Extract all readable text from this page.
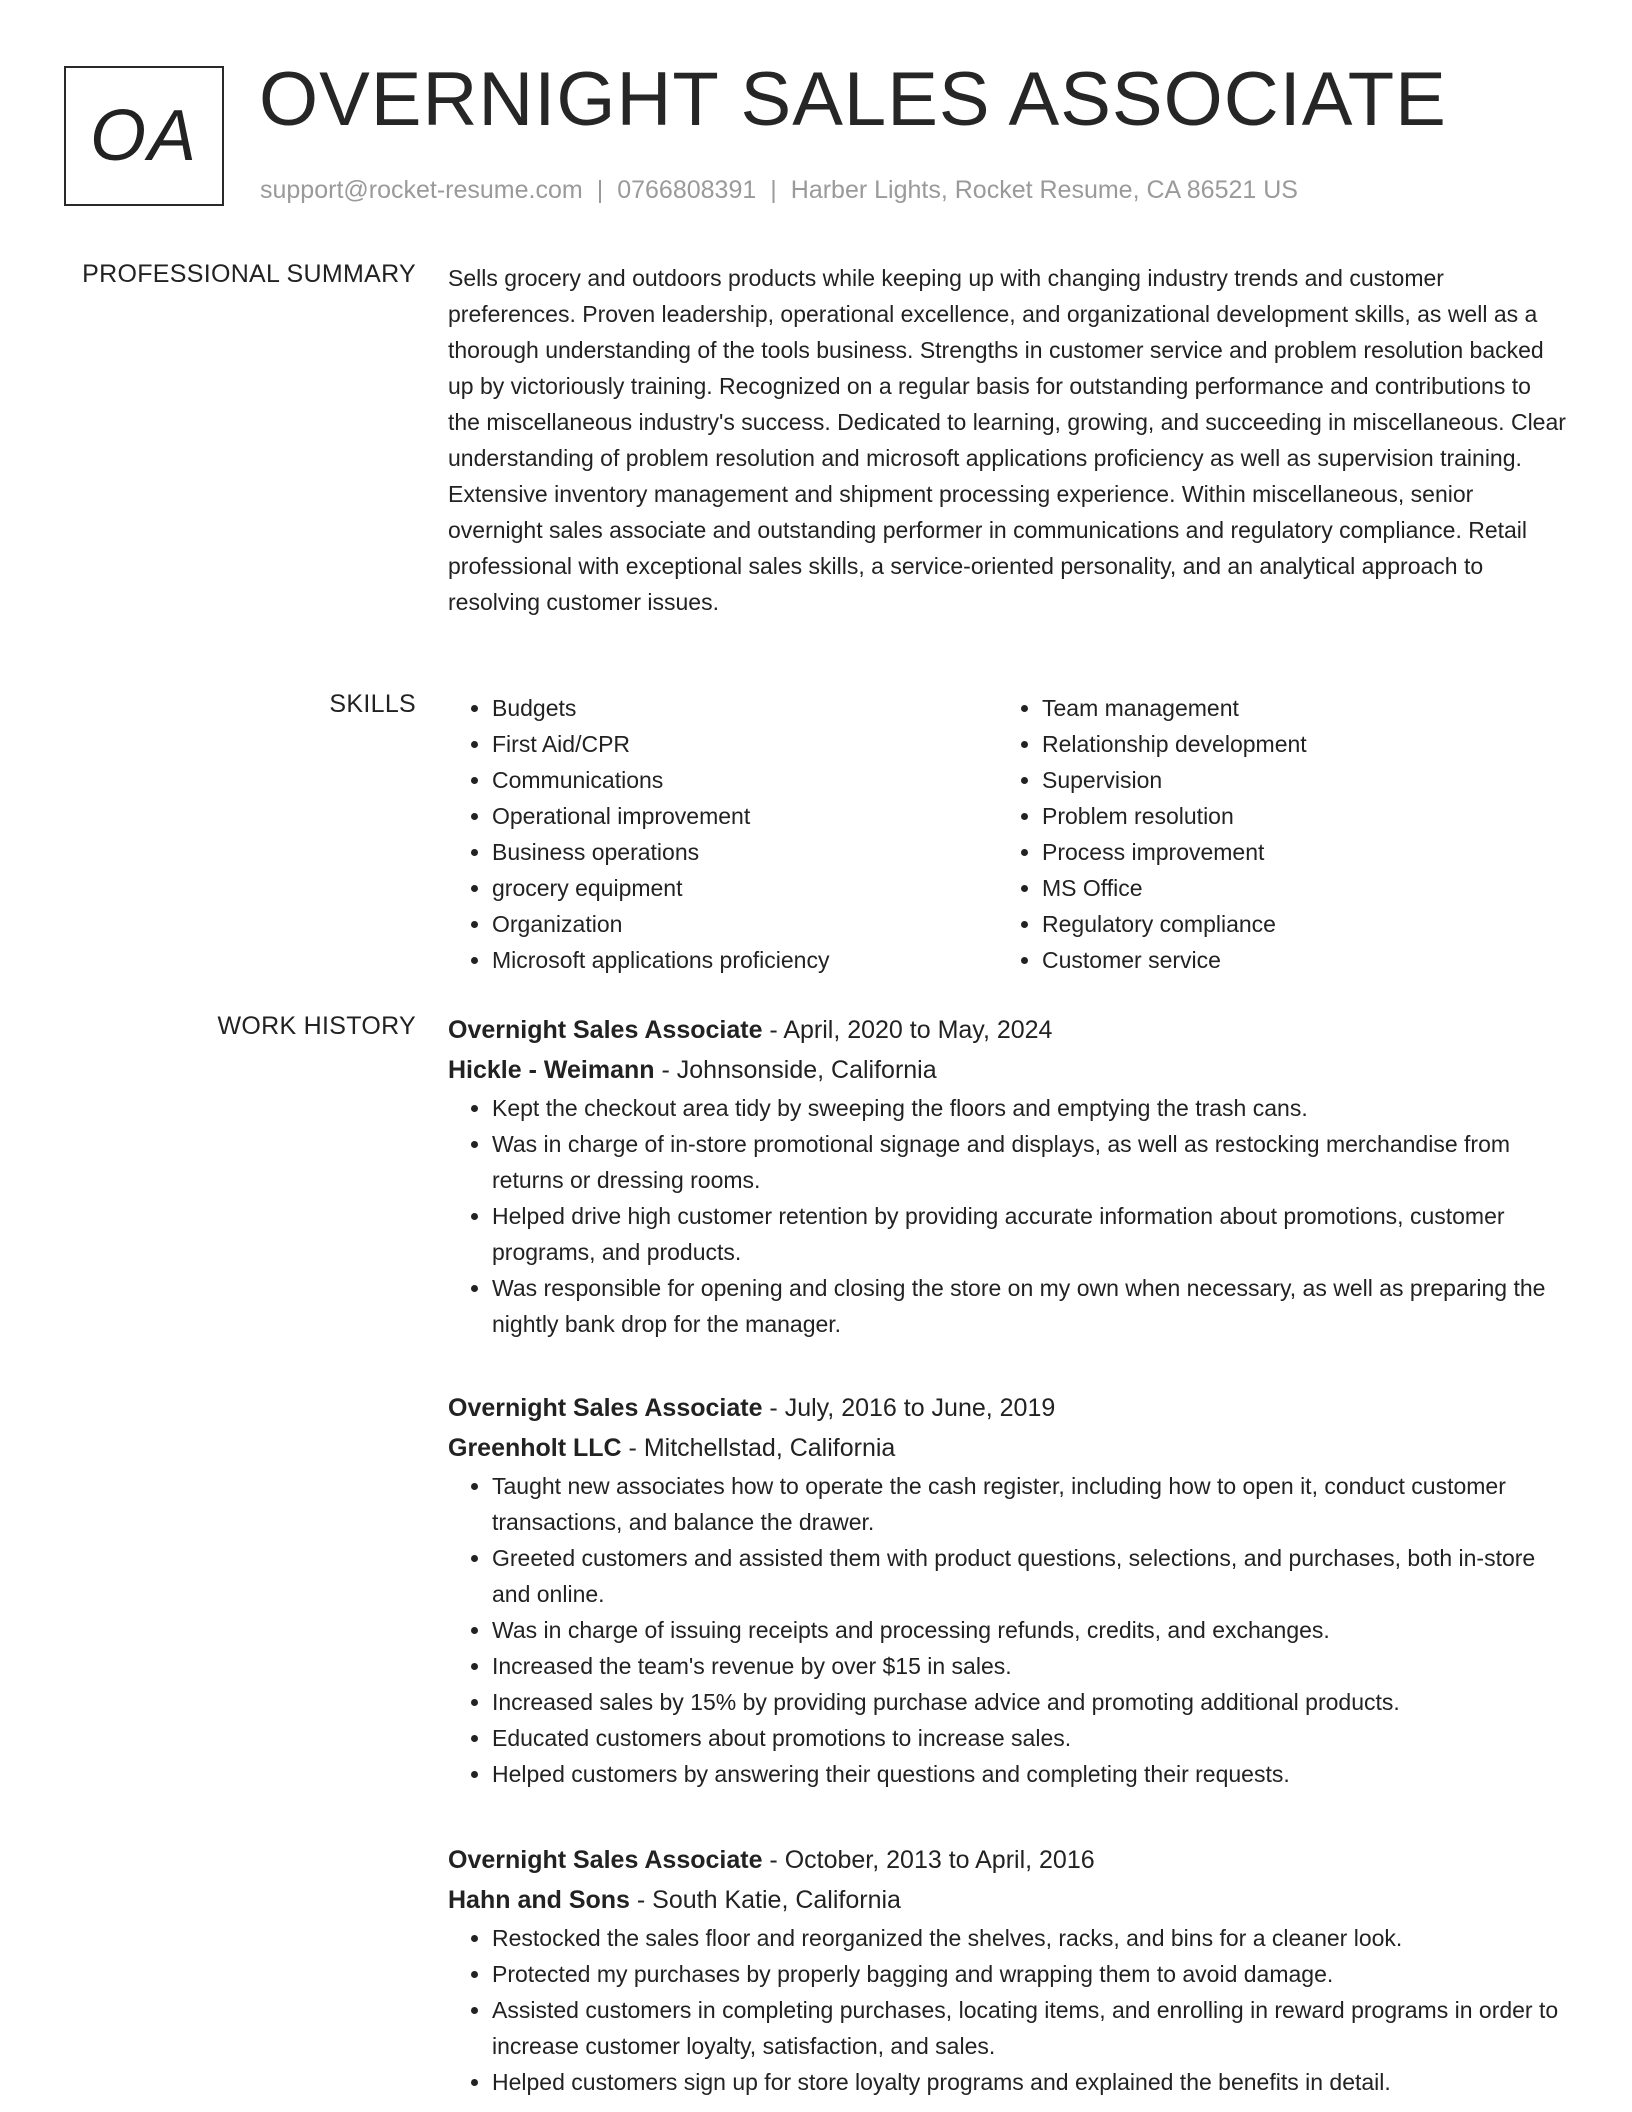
OA OVERNIGHT SALES ASSOCIATE
support@rocket-resume.com | 0766808391 | Harber Lights, Rocket Resume, CA 86521 US
PROFESSIONAL SUMMARY Sells grocery and outdoors products while keeping up with changing industry trends and customer preferences. Proven leadership, operational excellence, and organizational development skills, as well as a thorough understanding of the tools business. Strengths in customer service and problem resolution backed up by victoriously training. Recognized on a regular basis for outstanding performance and contributions to the miscellaneous industry's success. Dedicated to learning, growing, and succeeding in miscellaneous. Clear understanding of problem resolution and microsoft applications proficiency as well as supervision training. Extensive inventory management and shipment processing experience. Within miscellaneous, senior overnight sales associate and outstanding performer in communications and regulatory compliance. Retail professional with exceptional sales skills, a service-oriented personality, and an analytical approach to resolving customer issues.

SKILLS
•	Budgets
• First Aid/CPR
• Communications
• Operational improvement
• Business operations
• grocery equipment
• Organization
• Microsoft applications proficiency
• Team management
• Relationship development
• Supervision
• Problem resolution
• Process improvement
• MS Office
• Regulatory compliance
• Customer service
WORK HISTORY Overnight Sales Associate - April, 2020 to May, 2024
Hickle - Weimann - Johnsonside, California
• Kept the checkout area tidy by sweeping the floors and emptying the trash cans.
• Was in charge of in-store promotional signage and displays, as well as restocking merchandise from returns or dressing rooms.
• Helped drive high customer retention by providing accurate information about promotions, customer programs, and products.
• Was responsible for opening and closing the store on my own when necessary, as well as preparing the nightly bank drop for the manager.
Overnight Sales Associate - July, 2016 to June, 2019
Greenholt LLC - Mitchellstad, California
• Taught new associates how to operate the cash register, including how to open it, conduct customer transactions, and balance the drawer.
• Greeted customers and assisted them with product questions, selections, and purchases, both in-store and online.
• Was in charge of issuing receipts and processing refunds, credits, and exchanges.
• Increased the team's revenue by over $15 in sales.
• Increased sales by 15% by providing purchase advice and promoting additional products.
• Educated customers about promotions to increase sales.
• Helped customers by answering their questions and completing their requests.
Overnight Sales Associate - October, 2013 to April, 2016
Hahn and Sons - South Katie, California
• Restocked the sales floor and reorganized the shelves, racks, and bins for a cleaner look.
• Protected my purchases by properly bagging and wrapping them to avoid damage.
• Assisted customers in completing purchases, locating items, and enrolling in reward programs in order to increase customer loyalty, satisfaction, and sales.
• Helped customers sign up for store loyalty programs and explained the benefits in detail.
